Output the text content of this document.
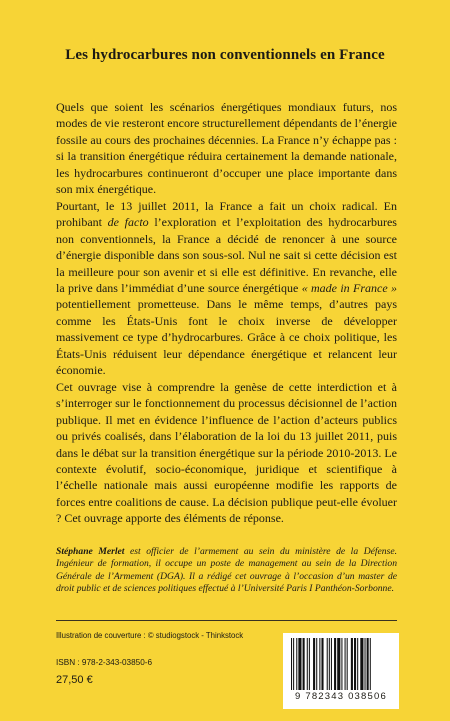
Les hydrocarbures non conventionnels en France

Quels que soient les scénarios énergétiques mondiaux futurs, nos modes de vie resteront encore structurellement dépendants de l’énergie fossile au cours des prochaines décennies. La France n’y échappe pas : si la transition énergétique réduira certainement la demande nationale, les hydrocarbures continueront d’occuper une place importante dans son mix énergétique.

Pourtant, le 13 juillet 2011, la France a fait un choix radical. En prohibant de facto l’exploration et l’exploitation des hydrocarbures non conventionnels, la France a décidé de renoncer à une source d’énergie disponible dans son sous-sol. Nul ne sait si cette décision est la meilleure pour son avenir et si elle est définitive. En revanche, elle la prive dans l’immédiat d’une source énergétique « made in France » potentiellement prometteuse. Dans le même temps, d’autres pays comme les États-Unis font le choix inverse de développer massivement ce type d’hydrocarbures. Grâce à ce choix politique, les États-Unis réduisent leur dépendance énergétique et relancent leur économie.

Cet ouvrage vise à comprendre la genèse de cette interdiction et à s’interroger sur le fonctionnement du processus décisionnel de l’action publique. Il met en évidence l’influence de l’action d’acteurs publics ou privés coalisés, dans l’élaboration de la loi du 13 juillet 2011, puis dans le débat sur la transition énergétique sur la période 2010-2013. Le contexte évolutif, socio-économique, juridique et scientifique à l’échelle nationale mais aussi européenne modifie les rapports de forces entre coalitions de cause. La décision publique peut-elle évoluer ? Cet ouvrage apporte des éléments de réponse.

Stéphane Merlet est officier de l’armement au sein du ministère de la Défense. Ingénieur de formation, il occupe un poste de management au sein de la Direction Générale de l’Armement (DGA). Il a rédigé cet ouvrage à l’occasion d’un master de droit public et de sciences politiques effectué à l’Université Paris I Panthéon-Sorbonne.
Illustration de couverture : © studiogstock - Thinkstock
ISBN : 978-2-343-03850-6
27,50 €
9 782343 038506
